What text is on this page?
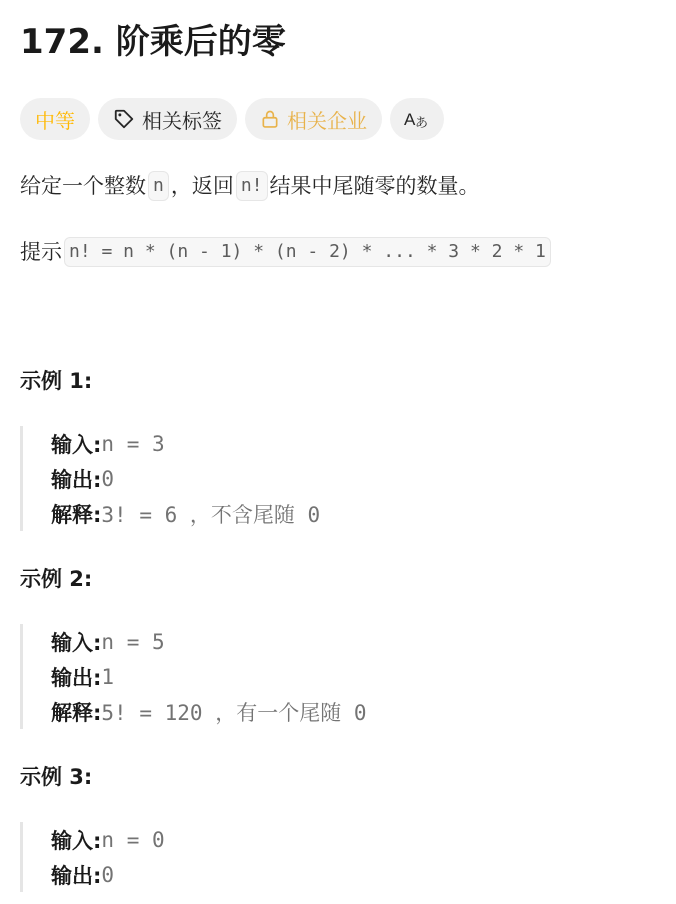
172. 阶乘后的零
中等	相关标签	相关企业 A あ
给定一个整数 n ，返回 n! 结果中尾随零的数量。
提示 n! = n * (n - 1) * (n - 2) * ... * 3 * 2 * 1
示例 1:
输入: n = 3
输出: 0
解释: 3! = 6 ，不含尾随 0
示例 2:
输入: n = 5
输出: 1
解释: 5! = 120 ，有一个尾随 0
示例 3:
输入: n = 0
输出: 0
